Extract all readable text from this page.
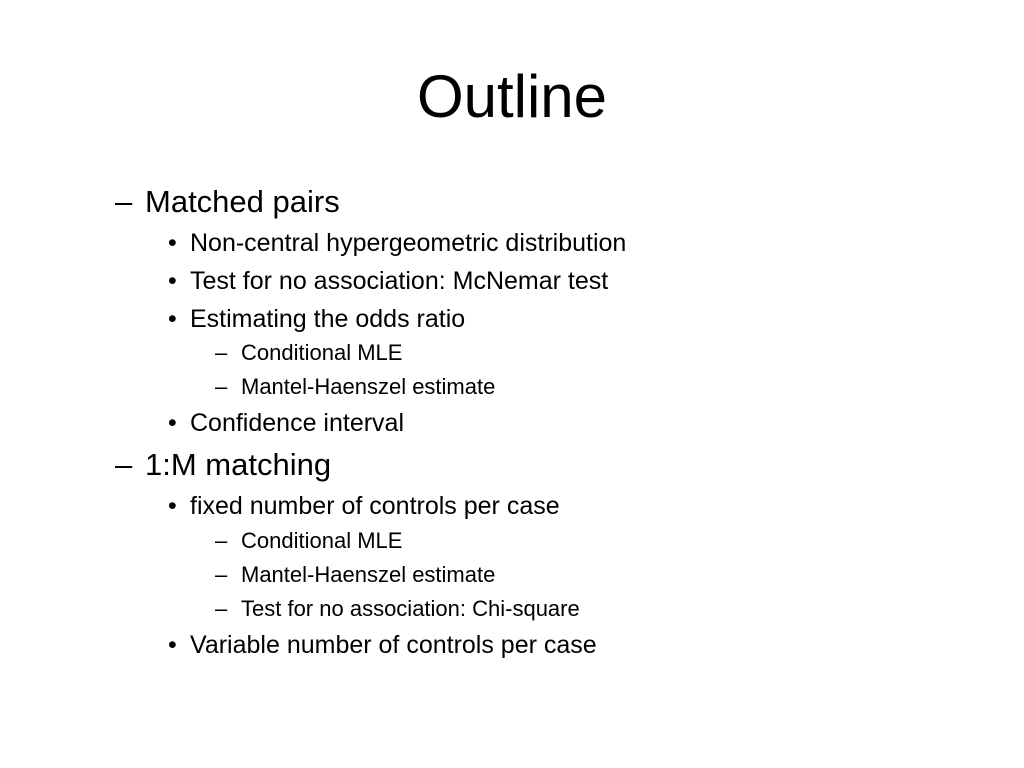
Outline
– Matched pairs
• Non-central hypergeometric distribution
• Test for no association: McNemar test
• Estimating the odds ratio
– Conditional MLE
– Mantel-Haenszel estimate
• Confidence interval
– 1:M matching
• fixed number of controls per case
– Conditional MLE
– Mantel-Haenszel estimate
– Test for no association: Chi-square
• Variable number of controls per case
